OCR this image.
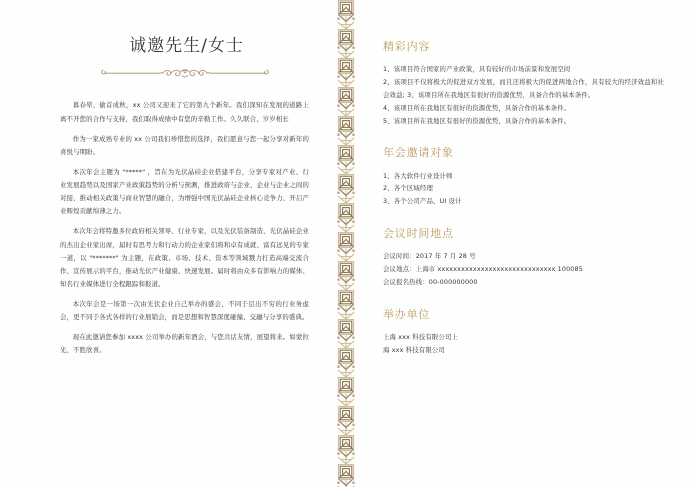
诚邀先生/女士

暮春晕、偷首成秋，xx 公司又迎来了它的第九个新年。我们深知在发展的道路上离不开您的合作与支持，我们取得成绩中有您的辛勤工作。久久联合、岁岁相长

作为一家成熟专业的 xx 公司我们珍惜您的选择，我们愿意与您一起分享对新年的喜悦与期盼。

本次年会主题为 "*****" ，旨在为光伏晶硅企业搭建平台，分享专家对产业、行业发展趋势以及国家产业政策趋势的分析与预测，推进政府与企业、企业与企业之间的对接，推动相关政策与商业智慧的融合，为增强中国光伏晶硅企业核心竞争力、开启产业辉煌贡献绵薄之力。

本次年会将特邀多位政府相关领导、行业专家，以及光伏装备制造、光伏晶硅企业的杰出企业家出席，届时有思考力和行动力的企业家们将和卓有成就、富有远见的专家一道，以 "*******" 为主题，在政策、市场、技术、资本等领域戮力打造高端交流合作、宣传展示的平台，推动光伏产业健康、快速发展。届时将由众多有影响力的媒体、知名行业媒体进行全程跟踪和报道。

本次年会是一场第一次由光伏企业自己举办的盛会，不同于层出不穷的行业务虑会，更不同于各式各样的行业展销会，而是思想和智慧深度碰撞、交融与分享的盛典。

现在此邀请您参加 xxxx 公司举办的新年酒会，与您共话友情，展望将来。如蒙拉光、不胜欣喜。

精彩内容

1、该项目符合国家的产业政策，具有较好的市场前景和发展空间

2、该项目不仅将极大的促进双方发展，而且还将极大的促进两地合作，具有较大的经济效益和社会效益; 3、该项目所在我地区有很好的资源优势，具备合作的基本条件。

4、该项目所在我地区有很好的资源优势，具备合作的基本条件。

5、该项目所在我地区有很好的资源优势，具备合作的基本条件。

年会邀请对象

1、各大软件行业设计师

2、各个区域经理

3、各个公司产品、UI 设计

会议时间地点

会议时间：2017 年 7 月 28 号

会议地点：上海市 xxxxxxxxxxxxxxxxxxxxxxxxxxxxxx 100085

会议报名热线：00-000000000

举办单位

上海 xxx 科技有限公司上

海 xxx 科技有限公司
